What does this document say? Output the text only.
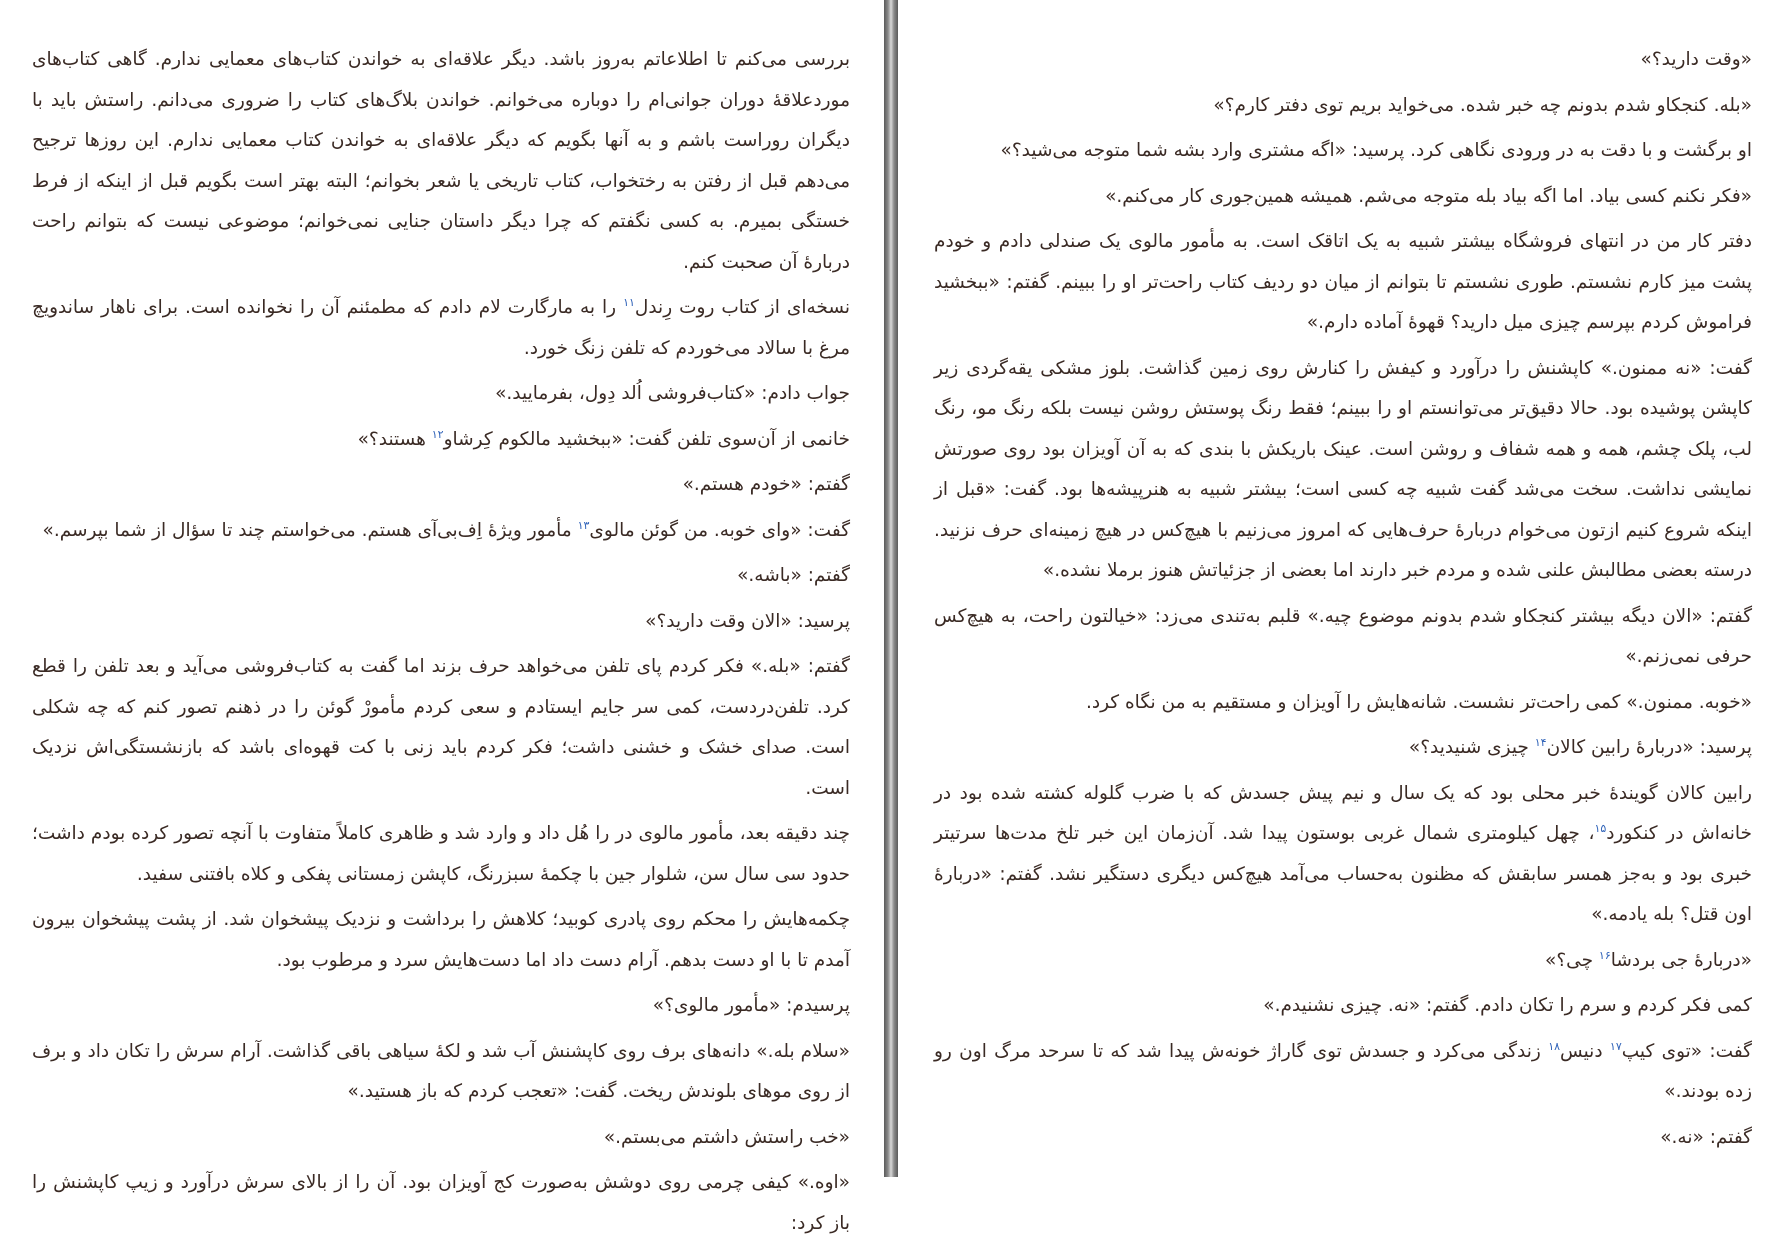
بررسی می‌کنم تا اطلاعاتم به‌روز باشد. دیگر علاقه‌ای به خواندن کتاب‌های معمایی ندارم. گاهی کتاب‌های موردعلاقهٔ دوران جوانی‌ام را دوباره می‌خوانم. خواندن بلاگ‌های کتاب را ضروری می‌دانم. راستش باید با دیگران رو‌راست باشم و به آنها بگویم که دیگر علاقه‌ای به خواندن کتاب معمایی ندارم. این روزها ترجیح می‌دهم قبل از رفتن به رختخواب، کتاب تاریخی یا شعر بخوانم؛ البته بهتر است بگویم قبل از اینکه از فرط خستگی بمیرم. به کسی نگفتم که چرا دیگر داستان جنایی نمی‌خوانم؛ موضوعی نیست که بتوانم راحت دربارهٔ آن صحبت کنم.

نسخه‌ای از کتاب روت رِندل$^{۱۱}$ را به مارگارت لام دادم که مطمئنم آن را نخوانده است. برای ناهار ساندویچ مرغ با سالاد می‌خوردم که تلفن زنگ خورد.

جواب دادم: «کتاب‌فروشی اُلد دِول، بفرمایید.»

خانمی از آن‌سوی تلفن گفت: «ببخشید مالکوم کِرشاو$^{۱۲}$ هستند؟»

گفتم: «خودم هستم.»

گفت: «وای خوبه. من گوئن مالوی$^{۱۳}$ مأمور ویژهٔ اِف‌بی‌آی هستم. می‌خواستم چند تا سؤال از شما بپرسم.»

گفتم: «باشه.»

پرسید: «الان وقت دارید؟»

گفتم: «بله.» فکر کردم پای تلفن می‌خواهد حرف بزند اما گفت به کتاب‌فروشی می‌آید و بعد تلفن را قطع کرد. تلفن‌دردست، کمی سر جایم ایستادم و سعی کردم مأمورْ گوئن را در ذهنم تصور کنم که چه شکلی است. صدای خشک و خشنی داشت؛ فکر کردم باید زنی با کت قهوه‌ای باشد که بازنشستگی‌اش نزدیک است.

چند دقیقه بعد، مأمور مالوی در را هُل داد و وارد شد و ظاهری کاملاً متفاوت با آنچه تصور کرده بودم داشت؛ حدود سی سال سن، شلوار جین با چکمهٔ سبزرنگ، کاپشن زمستانی پفکی و کلاه بافتنی سفید.

چکمه‌هایش را محکم روی پادری کوبید؛ کلاهش را برداشت و نزدیک پیشخوان شد. از پشت پیشخوان بیرون آمدم تا با او دست بدهم. آرام دست داد اما دست‌هایش سرد و مرطوب بود.

پرسیدم: «مأمور مالوی؟»

«سلام بله.» دانه‌های برف روی کاپشنش آب شد و لکهٔ سیاهی باقی گذاشت. آرام سرش را تکان داد و برف از روی موهای بلوندش ریخت. گفت: «تعجب کردم که باز هستید.»

«خب راستش داشتم می‌بستم.»

«اوه.» کیفی چرمی روی دوشش به‌صورت کج آویزان بود. آن را از بالای سرش درآورد و زیپ کاپشنش را باز کرد:

«وقت دارید؟»

«بله. کنجکاو شدم بدونم چه خبر شده. می‌خواید بریم توی دفتر کارم؟»

او برگشت و با دقت به در ورودی نگاهی کرد. پرسید: «اگه مشتری وارد بشه شما متوجه می‌شید؟»

«فکر نکنم کسی بیاد. اما اگه بیاد بله متوجه می‌شم. همیشه همین‌جوری کار می‌کنم.»

دفتر کار من در انتهای فروشگاه بیشتر شبیه به یک اتاقک است. به مأمور مالوی یک صندلی دادم و خودم پشت میز کارم نشستم. طوری نشستم تا بتوانم از میان دو ردیف کتاب راحت‌تر او را ببینم. گفتم: «ببخشید فراموش کردم بپرسم چیزی میل دارید؟ قهوهٔ آماده دارم.»

گفت: «نه ممنون.» کاپشنش را درآورد و کیفش را کنارش روی زمین گذاشت. بلوز مشکی یقه‌گردی زیر کاپشن پوشیده بود. حالا دقیق‌تر می‌توانستم او را ببینم؛ فقط رنگ پوستش روشن نیست بلکه رنگ مو، رنگ لب، پلک چشم، همه و همه شفاف و روشن است. عینک باریکش با بندی که به آن آویزان بود روی صورتش نمایشی نداشت. سخت می‌شد گفت شبیه چه کسی است؛ بیشتر شبیه به هنرپیشه‌ها بود. گفت: «قبل از اینکه شروع کنیم ازتون می‌خوام دربارهٔ حرف‌هایی که امروز می‌زنیم با هیچ‌کس در هیچ زمینه‌ای حرف نزنید. درسته بعضی مطالبش علنی شده و مردم خبر دارند اما بعضی از جزئیاتش هنوز برملا نشده.»

گفتم: «الان دیگه بیشتر کنجکاو شدم بدونم موضوع چیه.» قلبم به‌تندی می‌زد: «خیالتون راحت، به هیچ‌کس حرفی نمی‌زنم.»

«خوبه. ممنون.» کمی راحت‌تر نشست. شانه‌هایش را آویزان و مستقیم به من نگاه کرد.

پرسید: «دربارهٔ رابین کالان$^{۱۴}$ چیزی شنیدید؟»

رابین کالان گویندهٔ خبر محلی بود که یک سال و نیم پیش جسدش که با ضرب گلوله کشته شده بود در خانه‌اش در کنکورد$^{۱۵}$، چهل کیلومتری شمال غربی بوستون پیدا شد. آن‌زمان این خبر تلخ مدت‌ها سرتیتر خبری بود و به‌جز همسر سابقش که مظنون به‌حساب می‌آمد هیچ‌کس دیگری دستگیر نشد. گفتم: «دربارهٔ اون قتل؟ بله یادمه.»

«دربارهٔ جی بردشا$^{۱۶}$ چی؟»

کمی فکر کردم و سرم را تکان دادم. گفتم: «نه. چیزی نشنیدم.»

گفت: «توی کیپ$^{۱۷}$ دنیس$^{۱۸}$ زندگی می‌کرد و جسدش توی گاراژ خونه‌ش پیدا شد که تا سرحد مرگ اون رو زده بودند.»

گفتم: «نه.»
